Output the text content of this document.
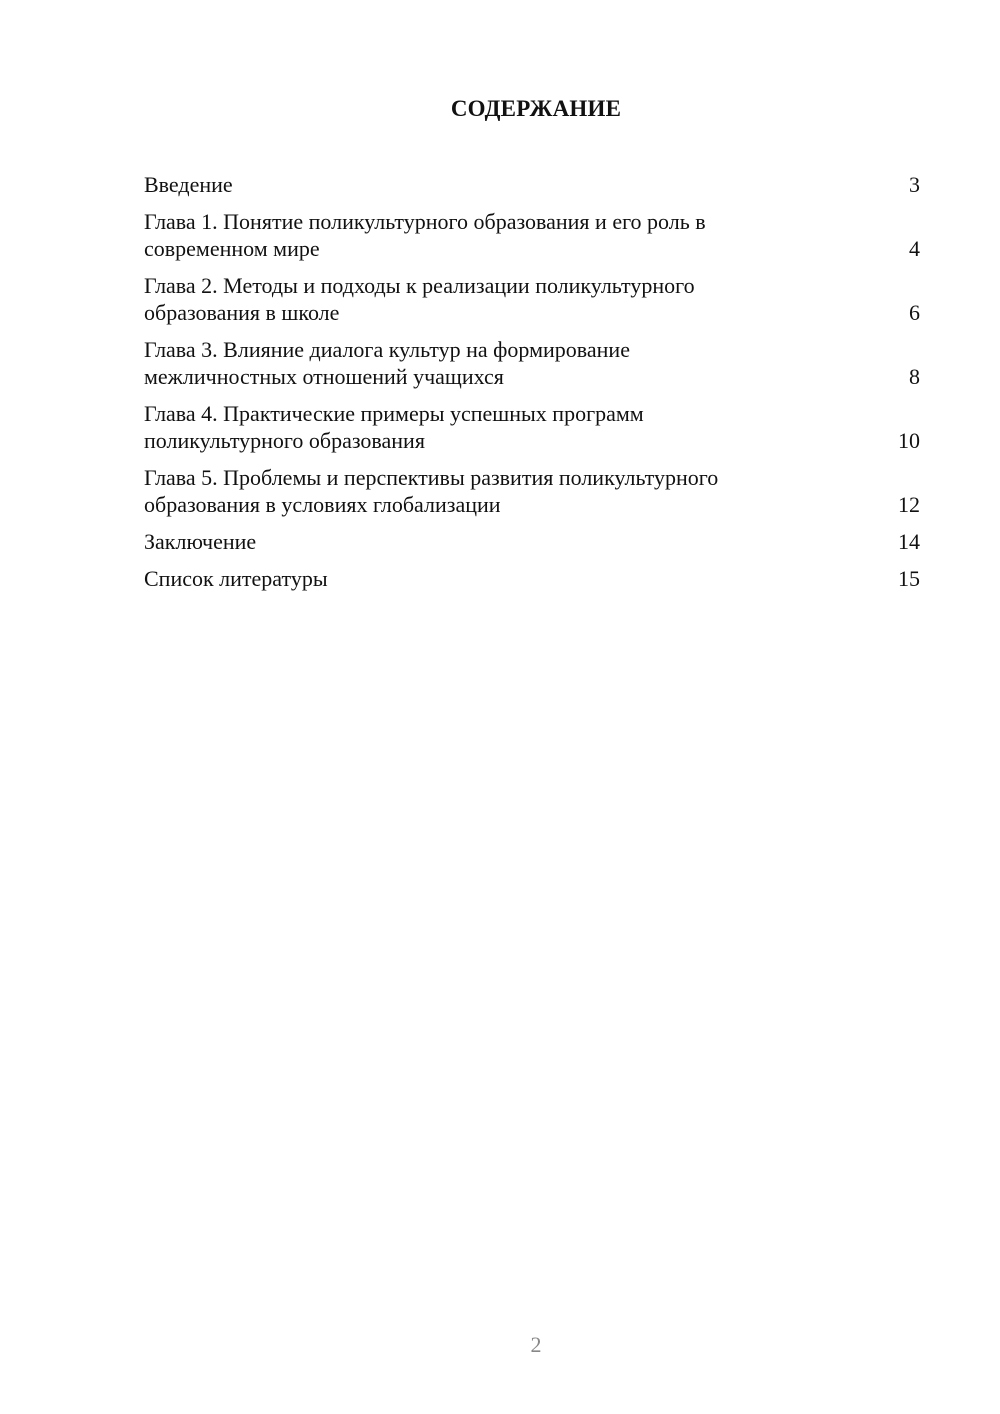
СОДЕРЖАНИЕ
Введение	3
Глава 1. Понятие поликультурного образования и его роль в
современном мире	4
Глава 2. Методы и подходы к реализации поликультурного
образования в школе	6
Глава 3. Влияние диалога культур на формирование
межличностных отношений учащихся	8
Глава 4. Практические примеры успешных программ
поликультурного образования	10
Глава 5. Проблемы и перспективы развития поликультурного
образования в условиях глобализации	12
Заключение	14
Список литературы	15
2
